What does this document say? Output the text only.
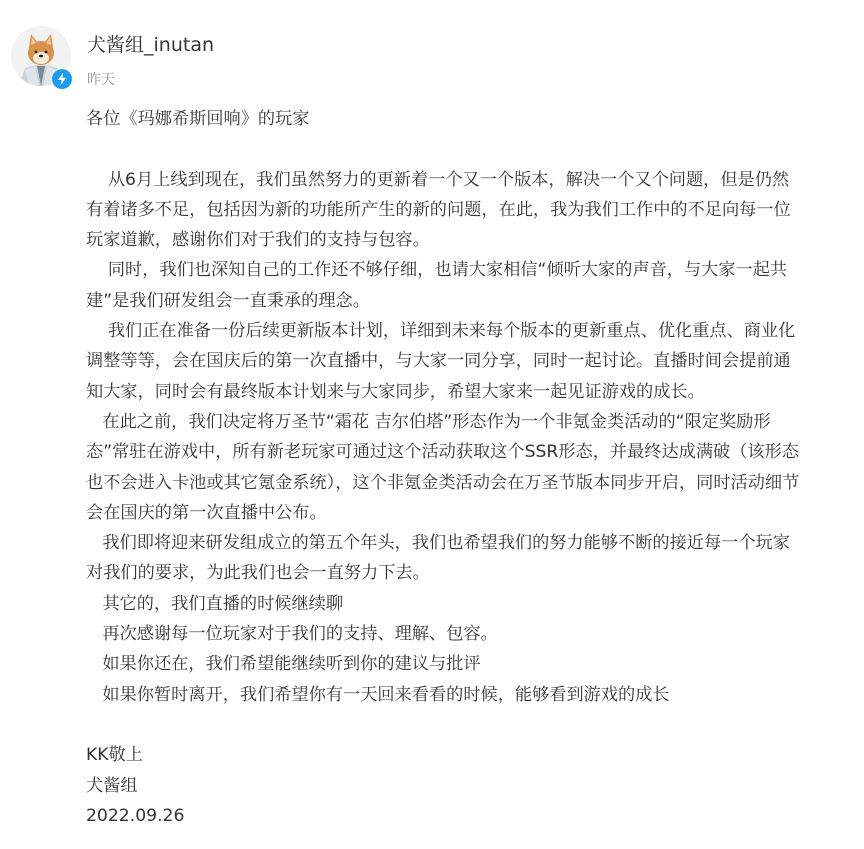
犬酱组_inutan
昨天

各位《玛娜希斯回响》的玩家

从6月上线到现在，我们虽然努力的更新着一个又一个版本，解决一个又个问题，但是仍然有着诸多不足，包括因为新的功能所产生的新的问题，在此，我为我们工作中的不足向每一位玩家道歉，感谢你们对于我们的支持与包容。

同时，我们也深知自己的工作还不够仔细，也请大家相信“倾听大家的声音，与大家一起共建”是我们研发组会一直秉承的理念。

我们正在准备一份后续更新版本计划，详细到未来每个版本的更新重点、优化重点、商业化调整等等，会在国庆后的第一次直播中，与大家一同分享，同时一起讨论。直播时间会提前通知大家，同时会有最终版本计划来与大家同步，希望大家来一起见证游戏的成长。

在此之前，我们决定将万圣节“霜花 吉尔伯塔”形态作为一个非氪金类活动的“限定奖励形态”常驻在游戏中，所有新老玩家可通过这个活动获取这个SSR形态，并最终达成满破（该形态也不会进入卡池或其它氪金系统），这个非氪金类活动会在万圣节版本同步开启，同时活动细节会在国庆的第一次直播中公布。

我们即将迎来研发组成立的第五个年头，我们也希望我们的努力能够不断的接近每一个玩家对我们的要求，为此我们也会一直努力下去。

其它的，我们直播的时候继续聊

再次感谢每一位玩家对于我们的支持、理解、包容。

如果你还在，我们希望能继续听到你的建议与批评

如果你暂时离开，我们希望你有一天回来看看的时候，能够看到游戏的成长

KK敬上

犬酱组

2022.09.26
